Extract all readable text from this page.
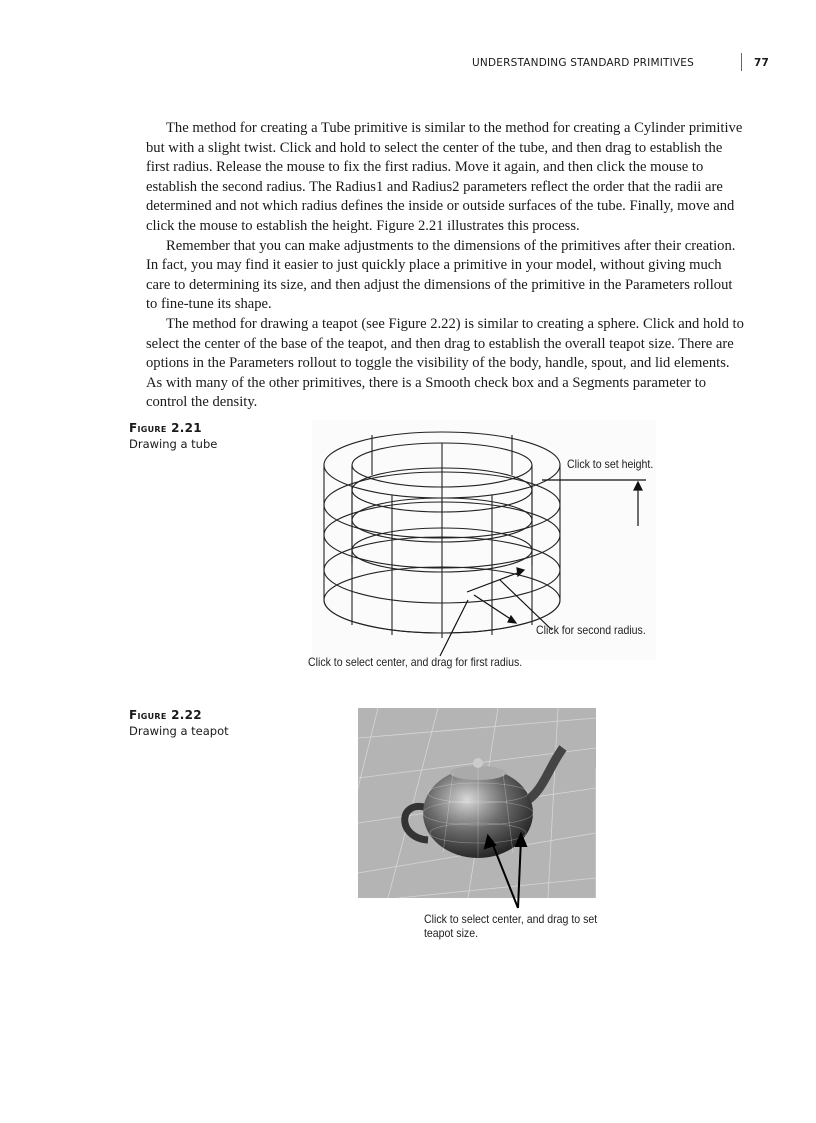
UNDERSTANDING STANDARD PRIMITIVES	77

The method for creating a Tube primitive is similar to the method for creating a Cylinder primitive but with a slight twist. Click and hold to select the center of the tube, and then drag to establish the first radius. Release the mouse to fix the first radius. Move it again, and then click the mouse to establish the second radius. The Radius1 and Radius2 parameters reflect the order that the radii are determined and not which radius defines the inside or outside surfaces of the tube. Finally, move and click the mouse to establish the height. Figure 2.21 illustrates this process.

Remember that you can make adjustments to the dimensions of the primitives after their creation. In fact, you may find it easier to just quickly place a primitive in your model, without giving much care to determining its size, and then adjust the dimensions of the primitive in the Parameters rollout to fine-tune its shape.

The method for drawing a teapot (see Figure 2.22) is similar to creating a sphere. Click and hold to select the center of the base of the teapot, and then drag to establish the overall teapot size. There are options in the Parameters rollout to toggle the visibility of the body, handle, spout, and lid elements. As with many of the other primitives, there is a Smooth check box and a Segments parameter to control the density.

Figure 2.21
Drawing a tube
Click to set height.
Click for second radius.
Click to select center, and drag for first radius.
Figure 2.22
Drawing a teapot
Click to select center, and drag to set teapot size.
